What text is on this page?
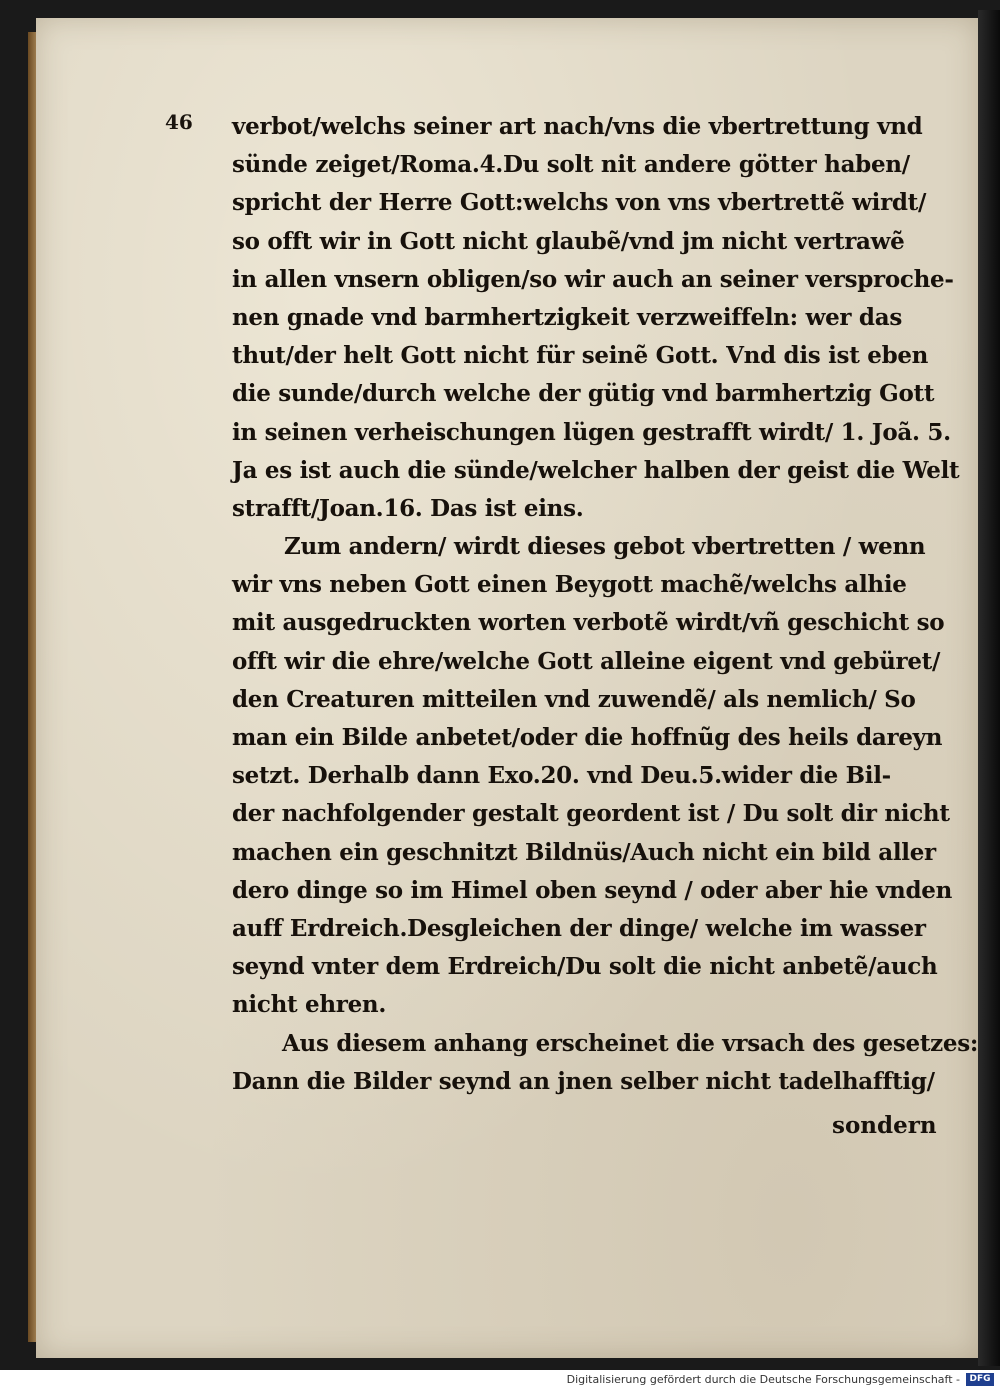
46 verbot/welchs seiner art nach/vns die vbertrettung vnd
sünde zeiget/Roma.4.Du solt nit andere götter haben/
spricht der Herre Gott:welchs von vns vbertrettẽ wirdt/
so offt wir in Gott nicht glaubẽ/vnd jm nicht vertrawẽ
in allen vnsern obligen/so wir auch an seiner versproche-
nen gnade vnd barmhertzigkeit verzweiffeln: wer das
thut/der helt Gott nicht für seinẽ Gott. Vnd dis ist eben
die sunde/durch welche der gütig vnd barmhertzig Gott
in seinen verheischungen lügen gestrafft wirdt/ 1. Joã. 5.
Ja es ist auch die sünde/welcher halben der geist die Welt
strafft/Joan.16. Das ist eins.
Zum andern/ wirdt dieses gebot vbertretten / wenn
wir vns neben Gott einen Beygott machẽ/welchs alhie
mit ausgedruckten worten verbotẽ wirdt/vñ geschicht so
offt wir die ehre/welche Gott alleine eigent vnd gebüret/
den Creaturen mitteilen vnd zuwendẽ/ als nemlich/ So
man ein Bilde anbetet/oder die hoffnũg des heils dareyn
setzt. Derhalb dann Exo.20. vnd Deu.5.wider die Bil-
der nachfolgender gestalt geordent ist / Du solt dir nicht
machen ein geschnitzt Bildnüs/Auch nicht ein bild aller
dero dinge so im Himel oben seynd / oder aber hie vnden
auff Erdreich.Desgleichen der dinge/ welche im wasser
seynd vnter dem Erdreich/Du solt die nicht anbetẽ/auch
nicht ehren.
Aus diesem anhang erscheinet die vrsach des gesetzes:
Dann die Bilder seynd an jnen selber nicht tadelhafftig/
sondern
Digitalisierung gefördert durch die Deutsche Forschungsgemeinschaft -	DFG
